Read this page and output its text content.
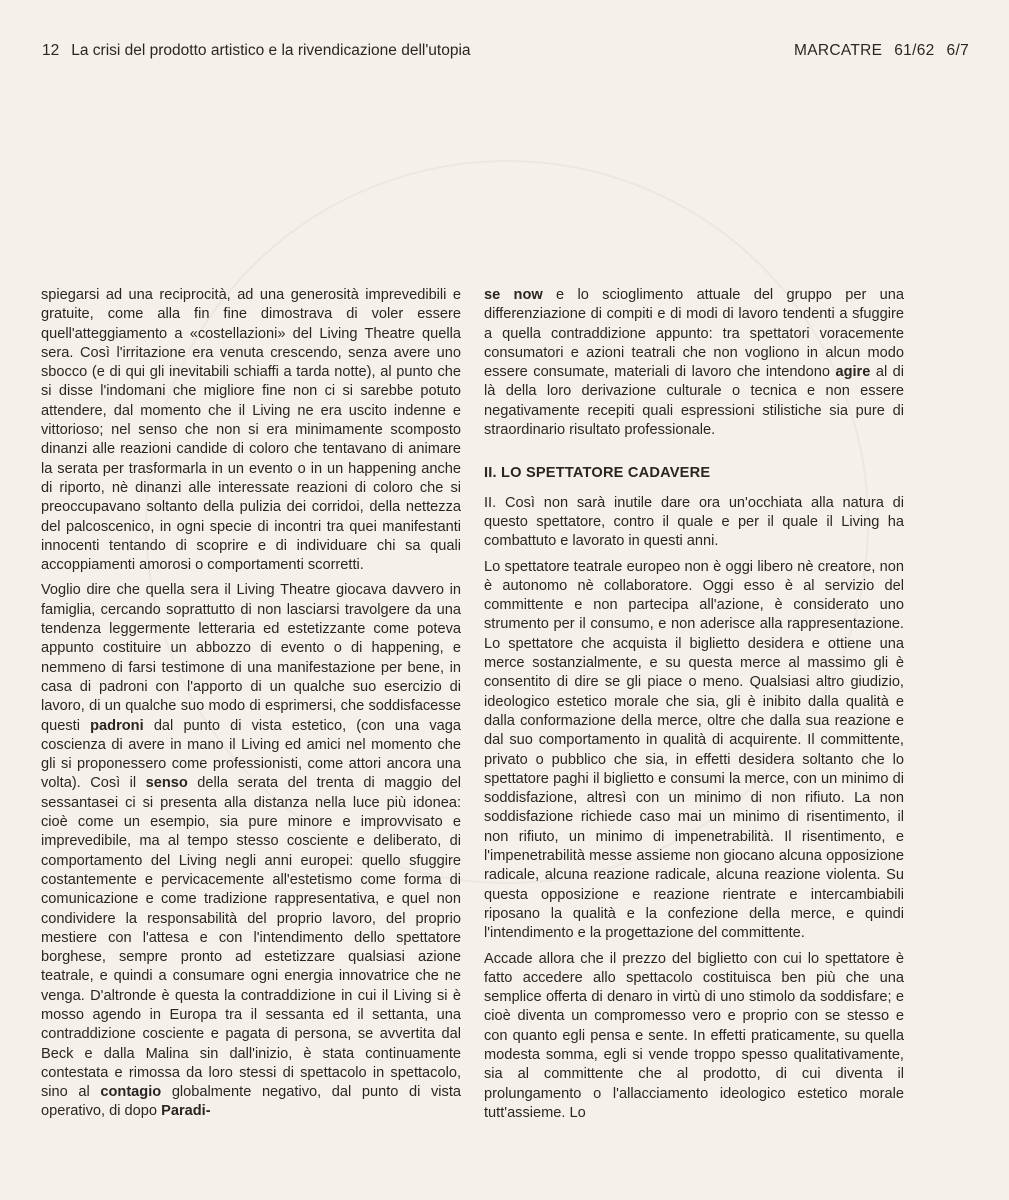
12 La crisi del prodotto artistico e la rivendicazione dell'utopia	MARCATRE 61/62 6/7

spiegarsi ad una reciprocità, ad una generosità imprevedibili e gratuite, come alla fin fine dimostrava di voler essere quell'atteggiamento a «costellazioni» del Living Theatre quella sera. Così l'irritazione era venuta crescendo, senza avere uno sbocco (e di qui gli inevitabili schiaffi a tarda notte), al punto che si disse l'indomani che migliore fine non ci si sarebbe potuto attendere, dal momento che il Living ne era uscito indenne e vittorioso; nel senso che non si era minimamente scomposto dinanzi alle reazioni candide di coloro che tentavano di animare la serata per trasformarla in un evento o in un happening anche di riporto, nè dinanzi alle interessate reazioni di coloro che si preoccupavano soltanto della pulizia dei corridoi, della nettezza del palcoscenico, in ogni specie di incontri tra quei manifestanti innocenti tentando di scoprire e di individuare chi sa quali accoppiamenti amorosi o comportamenti scorretti.

Voglio dire che quella sera il Living Theatre giocava davvero in famiglia, cercando soprattutto di non lasciarsi travolgere da una tendenza leggermente letteraria ed estetizzante come poteva appunto costituire un abbozzo di evento o di happening, e nemmeno di farsi testimone di una manifestazione per bene, in casa di padroni con l'apporto di un qualche suo esercizio di lavoro, di un qualche suo modo di esprimersi, che soddisfacesse questi padroni dal punto di vista estetico, (con una vaga coscienza di avere in mano il Living ed amici nel momento che gli si proponessero come professionisti, come attori ancora una volta). Così il senso della serata del trenta di maggio del sessantasei ci si presenta alla distanza nella luce più idonea: cioè come un esempio, sia pure minore e improvvisato e imprevedibile, ma al tempo stesso cosciente e deliberato, di comportamento del Living negli anni europei: quello sfuggire costantemente e pervicacemente all'estetismo come forma di comunicazione e come tradizione rappresentativa, e quel non condividere la responsabilità del proprio lavoro, del proprio mestiere con l'attesa e con l'intendimento dello spettatore borghese, sempre pronto ad estetizzare qualsiasi azione teatrale, e quindi a consumare ogni energia innovatrice che ne venga. D'altronde è questa la contraddizione in cui il Living si è mosso agendo in Europa tra il sessanta ed il settanta, una contraddizione cosciente e pagata di persona, se avvertita dal Beck e dalla Malina sin dall'inizio, è stata continuamente contestata e rimossa da loro stessi di spettacolo in spettacolo, sino al contagio globalmente negativo, dal punto di vista operativo, di dopo Paradi-

se now e lo scioglimento attuale del gruppo per una differenziazione di compiti e di modi di lavoro tendenti a sfuggire a quella contraddizione appunto: tra spettatori voracemente consumatori e azioni teatrali che non vogliono in alcun modo essere consumate, materiali di lavoro che intendono agire al di là della loro derivazione culturale o tecnica e non essere negativamente recepiti quali espressioni stilistiche sia pure di straordinario risultato professionale.

II. LO SPETTATORE CADAVERE

II. Così non sarà inutile dare ora un'occhiata alla natura di questo spettatore, contro il quale e per il quale il Living ha combattuto e lavorato in questi anni.

Lo spettatore teatrale europeo non è oggi libero nè creatore, non è autonomo nè collaboratore. Oggi esso è al servizio del committente e non partecipa all'azione, è considerato uno strumento per il consumo, e non aderisce alla rappresentazione. Lo spettatore che acquista il biglietto desidera e ottiene una merce sostanzialmente, e su questa merce al massimo gli è consentito di dire se gli piace o meno. Qualsiasi altro giudizio, ideologico estetico morale che sia, gli è inibito dalla qualità e dalla conformazione della merce, oltre che dalla sua reazione e dal suo comportamento in qualità di acquirente. Il committente, privato o pubblico che sia, in effetti desidera soltanto che lo spettatore paghi il biglietto e consumi la merce, con un minimo di soddisfazione, altresì con un minimo di non rifiuto. La non soddisfazione richiede caso mai un minimo di risentimento, il non rifiuto, un minimo di impenetrabilità. Il risentimento, e l'impenetrabilità messe assieme non giocano alcuna opposizione radicale, alcuna reazione radicale, alcuna reazione violenta. Su questa opposizione e reazione rientrate e intercambiabili riposano la qualità e la confezione della merce, e quindi l'intendimento e la progettazione del committente.

Accade allora che il prezzo del biglietto con cui lo spettatore è fatto accedere allo spettacolo costituisca ben più che una semplice offerta di denaro in virtù di uno stimolo da soddisfare; e cioè diventa un compromesso vero e proprio con se stesso e con quanto egli pensa e sente. In effetti praticamente, su quella modesta somma, egli si vende troppo spesso qualitativamente, sia al committente che al prodotto, di cui diventa il prolungamento o l'allacciamento ideologico estetico morale tutt'assieme. Lo
